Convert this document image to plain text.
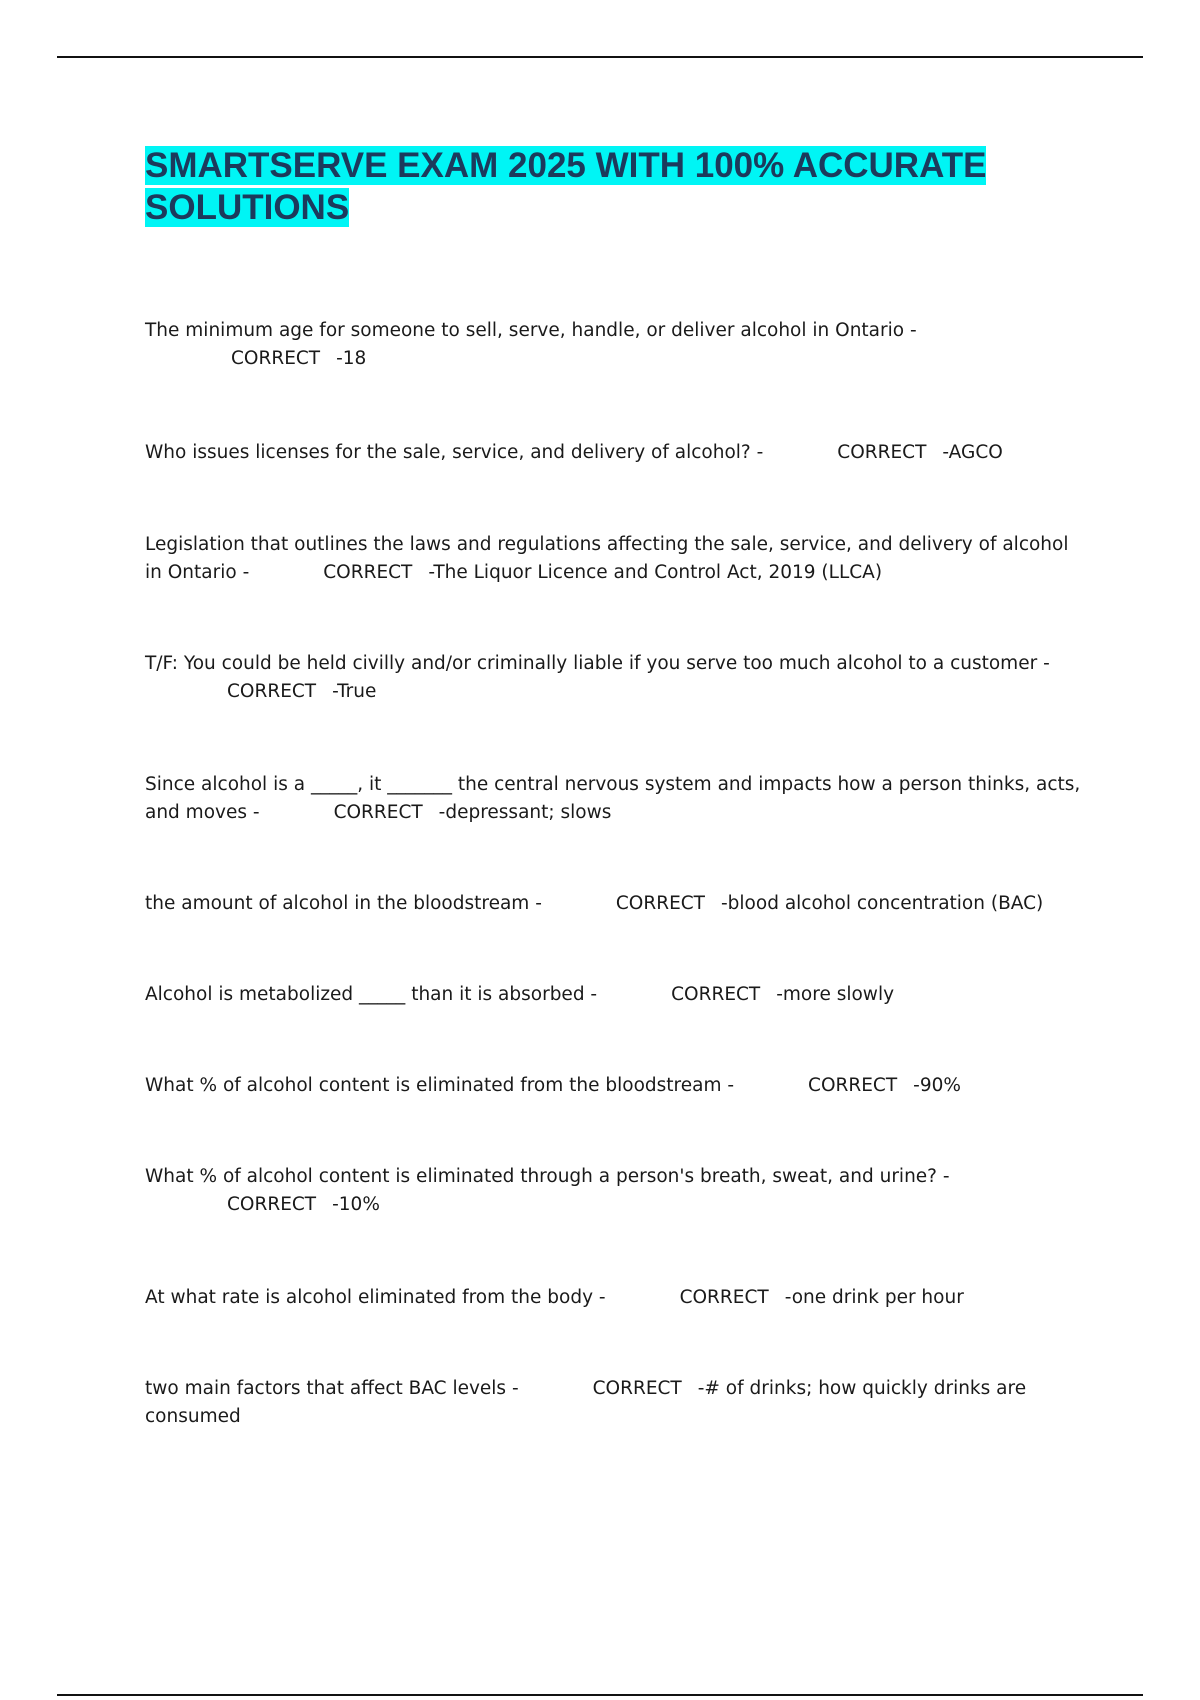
SMARTSERVE EXAM 2025 WITH 100% ACCURATE SOLUTIONS

The minimum age for someone to sell, serve, handle, or deliver alcohol in Ontario -CORRECT -18

Who issues licenses for the sale, service, and delivery of alcohol? -	CORRECT -AGCO

Legislation that outlines the laws and regulations affecting the sale, service, and delivery of alcohol in Ontario -	CORRECT -The Liquor Licence and Control Act, 2019 (LLCA)

T/F: You could be held civilly and/or criminally liable if you serve too much alcohol to a customer -
CORRECT -True

Since alcohol is a _____, it _______ the central nervous system and impacts how a person thinks, acts, and moves -	CORRECT -depressant; slows

the amount of alcohol in the bloodstream -	CORRECT -blood alcohol concentration (BAC)

Alcohol is metabolized _____ than it is absorbed -	CORRECT -more slowly

What % of alcohol content is eliminated from the bloodstream -	CORRECT -90%

What % of alcohol content is eliminated through a person's breath, sweat, and urine? -
CORRECT -10%

At what rate is alcohol eliminated from the body -	CORRECT -one drink per hour

two main factors that affect BAC levels -	CORRECT -# of drinks; how quickly drinks are consumed
